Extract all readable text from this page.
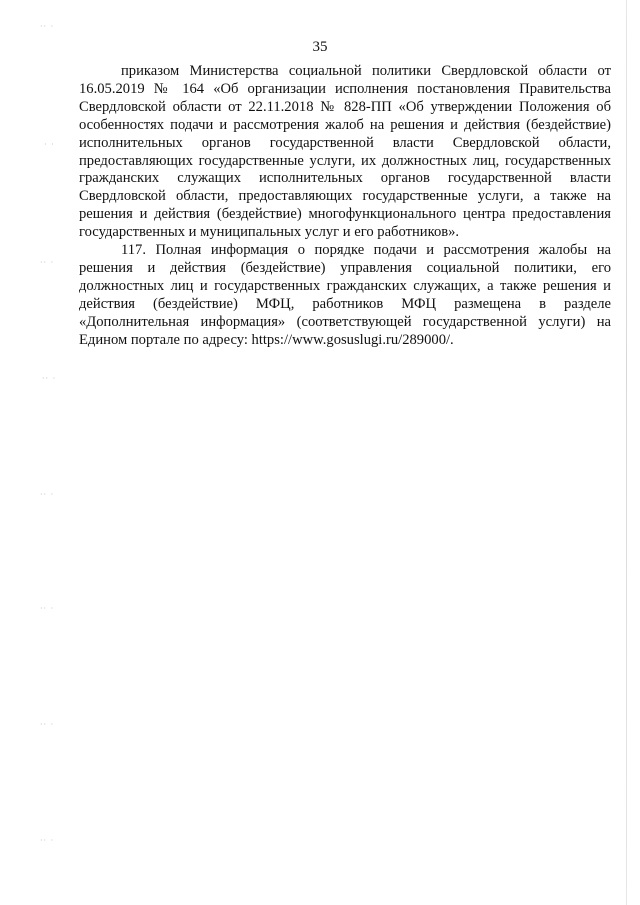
·· ·
· ·
·· ·
·· ·
·· ·
·· ·
·· ·
·· ·
35

приказом Министерства социальной политики Свердловской области от 16.05.2019 № 164 «Об организации исполнения постановления Правительства Свердловской области от 22.11.2018 № 828-ПП «Об утверждении Положения об особенностях подачи и рассмотрения жалоб на решения и действия (бездействие) исполнительных органов государственной власти Свердловской области, предоставляющих государственные услуги, их должностных лиц, государственных гражданских служащих исполнительных органов государственной власти Свердловской области, предоставляющих государственные услуги, а также на решения и действия (бездействие) многофункционального центра предоставления государственных и муниципальных услуг и его работников».

117. Полная информация о порядке подачи и рассмотрения жалобы на решения и действия (бездействие) управления социальной политики, его должностных лиц и государственных гражданских служащих, а также решения и действия (бездействие) МФЦ, работников МФЦ размещена в разделе «Дополнительная информация» (соответствующей государственной услуги) на Едином портале по адресу: https://www.gosuslugi.ru/289000/.
